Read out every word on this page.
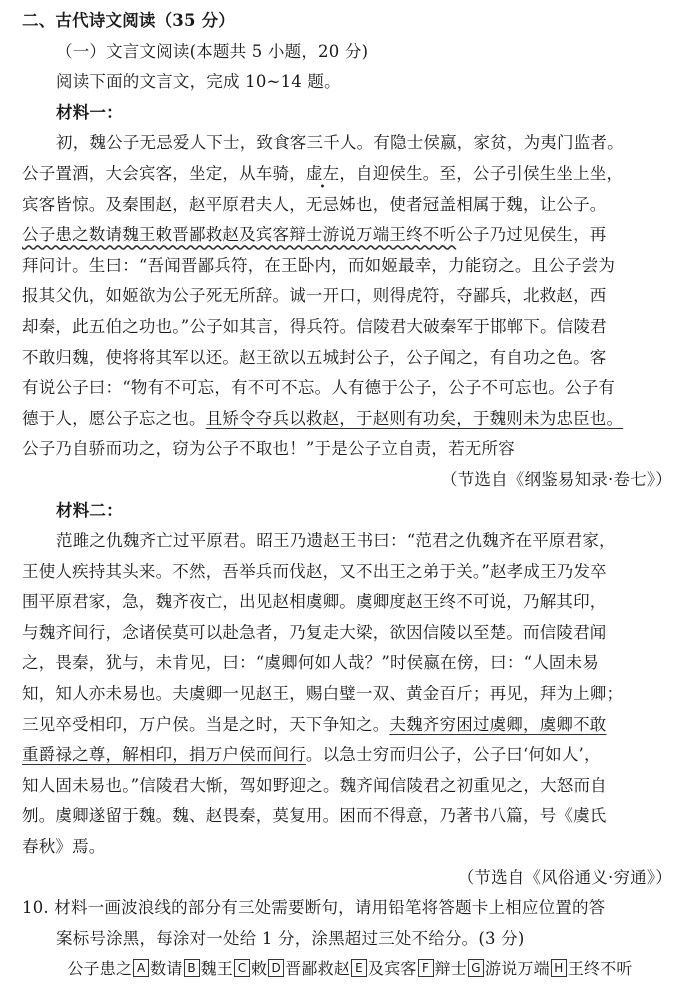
二、古代诗文阅读（35 分）
（一）文言文阅读(本题共 5 小题，20 分)
阅读下面的文言文，完成 10~14 题。
材料一：
初，魏公子无忌爱人下士，致食客三千人。有隐士侯嬴，家贫，为夷门监者。
公子置酒，大会宾客，坐定，从车骑，虚左，自迎侯生。至，公子引侯生坐上坐，
宾客皆惊。及秦围赵，赵平原君夫人，无忌姊也，使者冠盖相属于魏，让公子。
公子患之数请魏王敕晋鄙救赵及宾客辩士游说万端王终不听公子乃过见侯生，再
拜问计。生曰：“吾闻晋鄙兵符，在王卧内，而如姬最幸，力能窃之。且公子尝为
报其父仇，如姬欲为公子死无所辞。诚一开口，则得虎符，夺鄙兵，北救赵，西
却秦，此五伯之功也。”公子如其言，得兵符。信陵君大破秦军于邯郸下。信陵君
不敢归魏，使将将其军以还。赵王欲以五城封公子，公子闻之，有自功之色。客
有说公子曰：“物有不可忘，有不可不忘。人有德于公子，公子不可忘也。公子有
德于人，愿公子忘之也。且矫令夺兵以救赵，于赵则有功矣，于魏则未为忠臣也。
公子乃自骄而功之，窃为公子不取也！”于是公子立自责，若无所容
（节选自《纲鉴易知录·卷七》）
材料二：
范雎之仇魏齐亡过平原君。昭王乃遗赵王书曰：“范君之仇魏齐在平原君家，
王使人疾持其头来。不然，吾举兵而伐赵，又不出王之弟于关。”赵孝成王乃发卒
围平原君家，急，魏齐夜亡，出见赵相虞卿。虞卿度赵王终不可说，乃解其印，
与魏齐间行，念诸侯莫可以赴急者，乃复走大梁，欲因信陵以至楚。而信陵君闻
之，畏秦，犹与，未肯见，曰：“虞卿何如人哉？”时侯嬴在傍，曰：“人固未易
知，知人亦未易也。夫虞卿一见赵王，赐白璧一双、黄金百斤；再见，拜为上卿；
三见卒受相印，万户侯。当是之时，天下争知之。夫魏齐穷困过虞卿，虞卿不敢
重爵禄之尊，解相印，捐万户侯而间行。以急士穷而归公子，公子曰‘何如人’，
知人固未易也。”信陵君大惭，驾如野迎之。魏齐闻信陵君之初重见之，大怒而自
刎。虞卿遂留于魏。魏、赵畏秦，莫复用。困而不得意，乃著书八篇，号《虞氏
春秋》焉。
（节选自《风俗通义·穷通》）
10. 材料一画波浪线的部分有三处需要断句，请用铅笔将答题卡上相应位置的答
案标号涂黑，每涂对一处给 1 分，涂黑超过三处不给分。(3 分)
公子患之 A 数请 B 魏王 C 敕 D 晋鄙救赵 E 及宾客 F 辩士 G 游说万端 H 王终不听
